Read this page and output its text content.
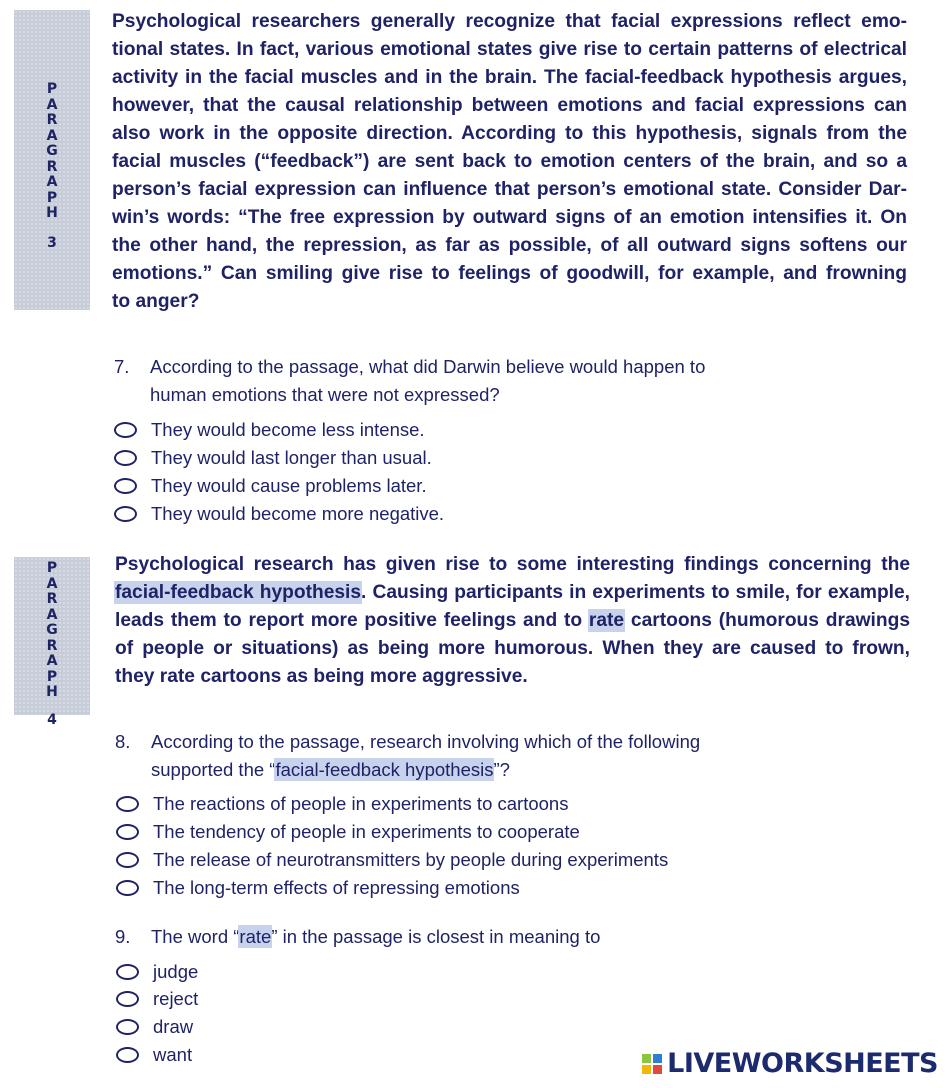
P
A
R
A
G
R
A
P
H
3

Psychological researchers generally recognize that facial expressions reflect emo-
tional states. In fact, various emotional states give rise to certain patterns of electrical
activity in the facial muscles and in the brain. The facial-feedback hypothesis argues,
however, that the causal relationship between emotions and facial expressions can
also work in the opposite direction. According to this hypothesis, signals from the
facial muscles (“feedback”) are sent back to emotion centers of the brain, and so a
person’s facial expression can influence that person’s emotional state. Consider Dar-
win’s words: “The free expression by outward signs of an emotion intensifies it. On
the other hand, the repression, as far as possible, of all outward signs softens our
emotions.” Can smiling give rise to feelings of goodwill, for example, and frowning
to anger?

7. According to the passage, what did Darwin believe would happen to
human emotions that were not expressed?
They would become less intense.
They would last longer than usual.
They would cause problems later.
They would become more negative.
P
A
R
A
G
R
A
P
H
4

Psychological research has given rise to some interesting findings concerning the
facial-feedback hypothesis. Causing participants in experiments to smile, for example,
leads them to report more positive feelings and to rate cartoons (humorous drawings
of people or situations) as being more humorous. When they are caused to frown,
they rate cartoons as being more aggressive.

8. According to the passage, research involving which of the following
supported the “facial-feedback hypothesis”?
The reactions of people in experiments to cartoons
The tendency of people in experiments to cooperate
The release of neurotransmitters by people during experiments
The long-term effects of repressing emotions
9. The word “rate” in the passage is closest in meaning to
judge
reject
draw
want	LIVEWORKSHEETS
